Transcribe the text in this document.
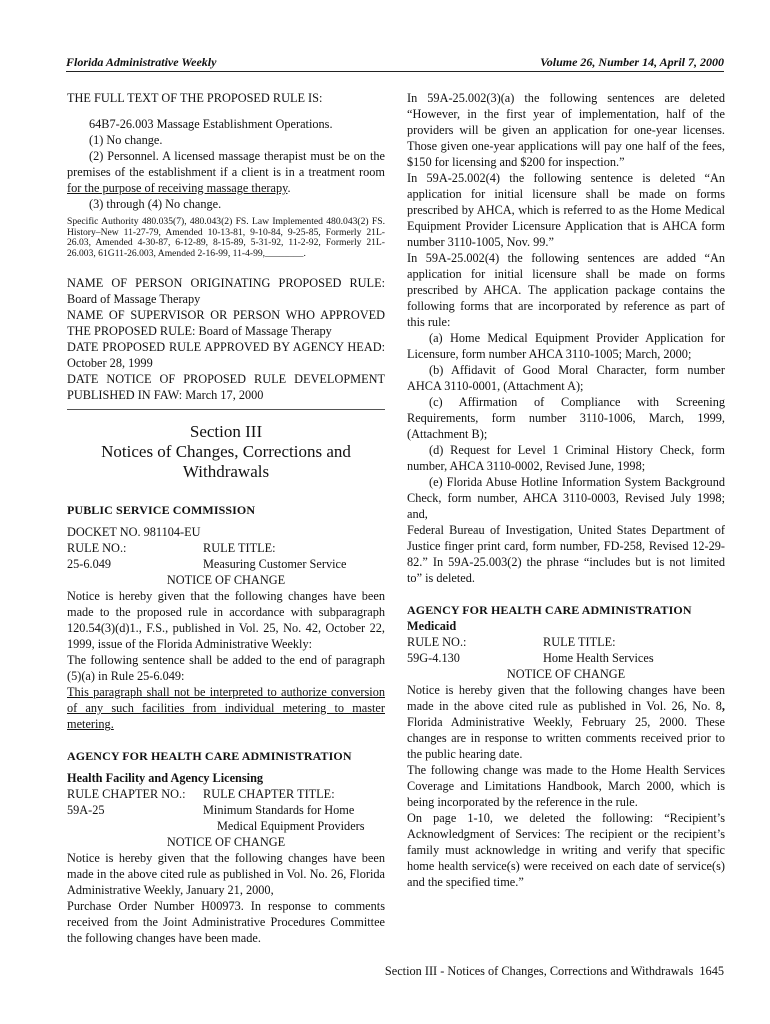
Florida Administrative Weekly	Volume 26, Number 14, April 7, 2000
THE FULL TEXT OF THE PROPOSED RULE IS:
64B7-26.003 Massage Establishment Operations.
(1) No change.
(2) Personnel. A licensed massage therapist must be on the premises of the establishment if a client is in a treatment room for the purpose of receiving massage therapy.
(3) through (4) No change.
Specific Authority 480.035(7), 480.043(2) FS. Law Implemented 480.043(2) FS. History–New 11-27-79, Amended 10-13-81, 9-10-84, 9-25-85, Formerly 21L-26.03, Amended 4-30-87, 6-12-89, 8-15-89, 5-31-92, 11-2-92, Formerly 21L-26.003, 61G11-26.003, Amended 2-16-99, 11-4-99,________.
NAME OF PERSON ORIGINATING PROPOSED RULE: Board of Massage Therapy
NAME OF SUPERVISOR OR PERSON WHO APPROVED THE PROPOSED RULE: Board of Massage Therapy
DATE PROPOSED RULE APPROVED BY AGENCY HEAD: October 28, 1999
DATE NOTICE OF PROPOSED RULE DEVELOPMENT PUBLISHED IN FAW: March 17, 2000
Section III
Notices of Changes, Corrections and
Withdrawals
PUBLIC SERVICE COMMISSION
DOCKET NO. 981104-EU
RULE NO.:	RULE TITLE:
25-6.049	Measuring Customer Service
NOTICE OF CHANGE
Notice is hereby given that the following changes have been made to the proposed rule in accordance with subparagraph 120.54(3)(d)1., F.S., published in Vol. 25, No. 42, October 22, 1999, issue of the Florida Administrative Weekly:
The following sentence shall be added to the end of paragraph (5)(a) in Rule 25-6.049:
This paragraph shall not be interpreted to authorize conversion of any such facilities from individual metering to master metering.
AGENCY FOR HEALTH CARE ADMINISTRATION
Health Facility and Agency Licensing
RULE CHAPTER NO.: RULE CHAPTER TITLE:
59A-25	Minimum Standards for Home
Medical Equipment Providers
NOTICE OF CHANGE
Notice is hereby given that the following changes have been made in the above cited rule as published in Vol. No. 26, Florida Administrative Weekly, January 21, 2000,
Purchase Order Number H00973. In response to comments received from the Joint Administrative Procedures Committee the following changes have been made.
In 59A-25.002(3)(a) the following sentences are deleted “However, in the first year of implementation, half of the providers will be given an application for one-year licenses. Those given one-year applications will pay one half of the fees, $150 for licensing and $200 for inspection.”
In 59A-25.002(4) the following sentence is deleted “An application for initial licensure shall be made on forms prescribed by AHCA, which is referred to as the Home Medical Equipment Provider Licensure Application that is AHCA form number 3110-1005, Nov. 99.”
In 59A-25.002(4) the following sentences are added “An application for initial licensure shall be made on forms prescribed by AHCA. The application package contains the following forms that are incorporated by reference as part of this rule:
(a) Home Medical Equipment Provider Application for Licensure, form number AHCA 3110-1005; March, 2000;
(b) Affidavit of Good Moral Character, form number AHCA 3110-0001, (Attachment A);
(c) Affirmation of Compliance with Screening Requirements, form number 3110-1006, March, 1999, (Attachment B);
(d) Request for Level 1 Criminal History Check, form number, AHCA 3110-0002, Revised June, 1998;
(e) Florida Abuse Hotline Information System Background Check, form number, AHCA 3110-0003, Revised July 1998; and,
Federal Bureau of Investigation, United States Department of Justice finger print card, form number, FD-258, Revised 12-29-82.” In 59A-25.003(2) the phrase “includes but is not limited to” is deleted.
AGENCY FOR HEALTH CARE ADMINISTRATION
Medicaid
RULE NO.:	RULE TITLE:
59G-4.130	Home Health Services
NOTICE OF CHANGE
Notice is hereby given that the following changes have been made in the above cited rule as published in Vol. 26, No. 8, Florida Administrative Weekly, February 25, 2000. These changes are in response to written comments received prior to the public hearing date.
The following change was made to the Home Health Services Coverage and Limitations Handbook, March 2000, which is being incorporated by the reference in the rule.
On page 1-10, we deleted the following: “Recipient’s Acknowledgment of Services: The recipient or the recipient’s family must acknowledge in writing and verify that specific home health service(s) were received on each date of service(s) and the specified time.”
Section III - Notices of Changes, Corrections and Withdrawals 1645
